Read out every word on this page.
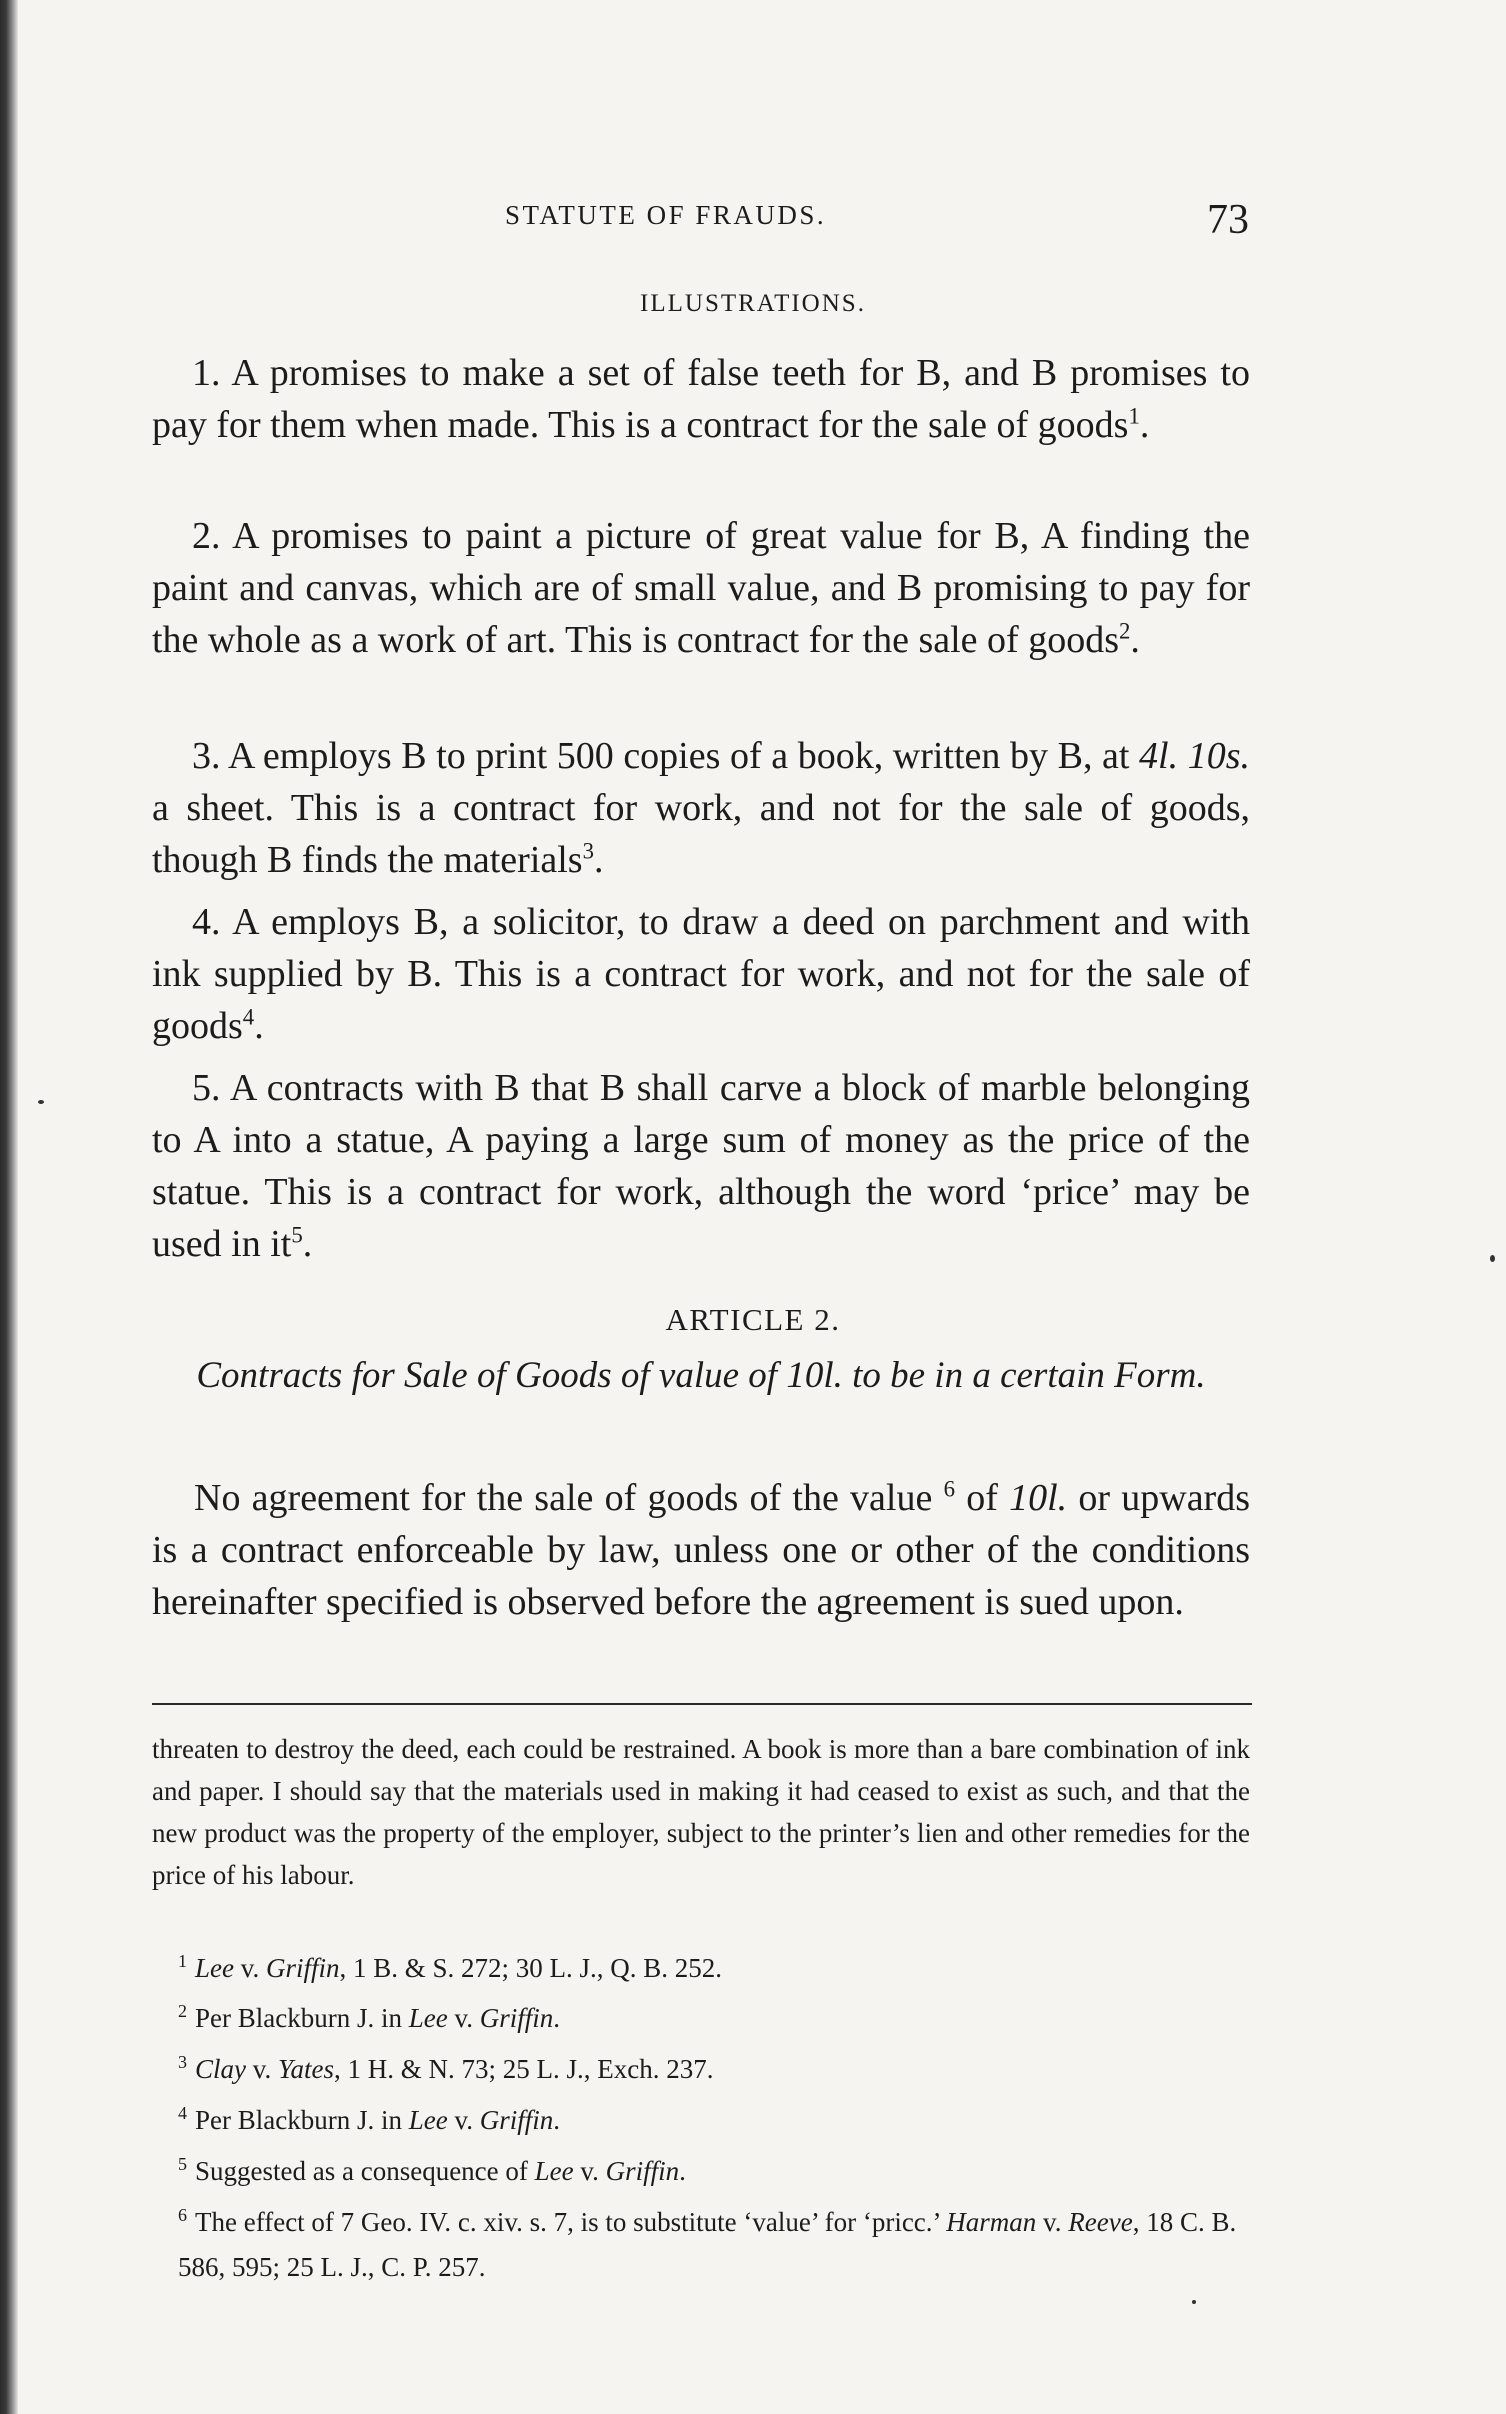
STATUTE OF FRAUDS.	73
ILLUSTRATIONS.

1. A promises to make a set of false teeth for B, and B promises to pay for them when made. This is a contract for the sale of goods$^1$.

2. A promises to paint a picture of great value for B, A finding the paint and canvas, which are of small value, and B promising to pay for the whole as a work of art. This is contract for the sale of goods$^2$.

3. A employs B to print 500 copies of a book, written by B, at 4l. 10s. a sheet. This is a contract for work, and not for the sale of goods, though B finds the materials$^3$.

4. A employs B, a solicitor, to draw a deed on parchment and with ink supplied by B. This is a contract for work, and not for the sale of goods$^4$.

5. A contracts with B that B shall carve a block of marble belonging to A into a statue, A paying a large sum of money as the price of the statue. This is a contract for work, although the word ‘price’ may be used in $it^5$.

ARTICLE 2.
Contracts for Sale of Goods of value of 10l. to be in a certain Form.

No agreement for the sale of goods of the value $^6$ of 10l. or upwards is a contract enforceable by law, unless one or other of the conditions hereinafter specified is observed before the agreement is sued upon.

threaten to destroy the deed, each could be restrained. A book is more than a bare combination of ink and paper. I should say that the materials used in making it had ceased to exist as such, and that the new product was the property of the employer, subject to the printer’s lien and other remedies for the price of his labour.

$^1$ Lee v. Griffin, 1 B. & S. 272; 30 L. J., Q. B. 252.

$^2$ Per Blackburn J. in Lee v. Griffin.

$^3$ Clay v. Yates, 1 H. & N. 73; 25 L. J., Exch. 237.

$^4$ Per Blackburn J. in Lee v. Griffin.

$^5$ Suggested as a consequence of Lee v. Griffin.

$^6$ The effect of 7 Geo. IV. c. xiv. s. 7, is to substitute ‘value’ for ‘pricc.’ Harman v. Reeve, 18 C. B. 586, 595; 25 L. J., C. P. 257.
